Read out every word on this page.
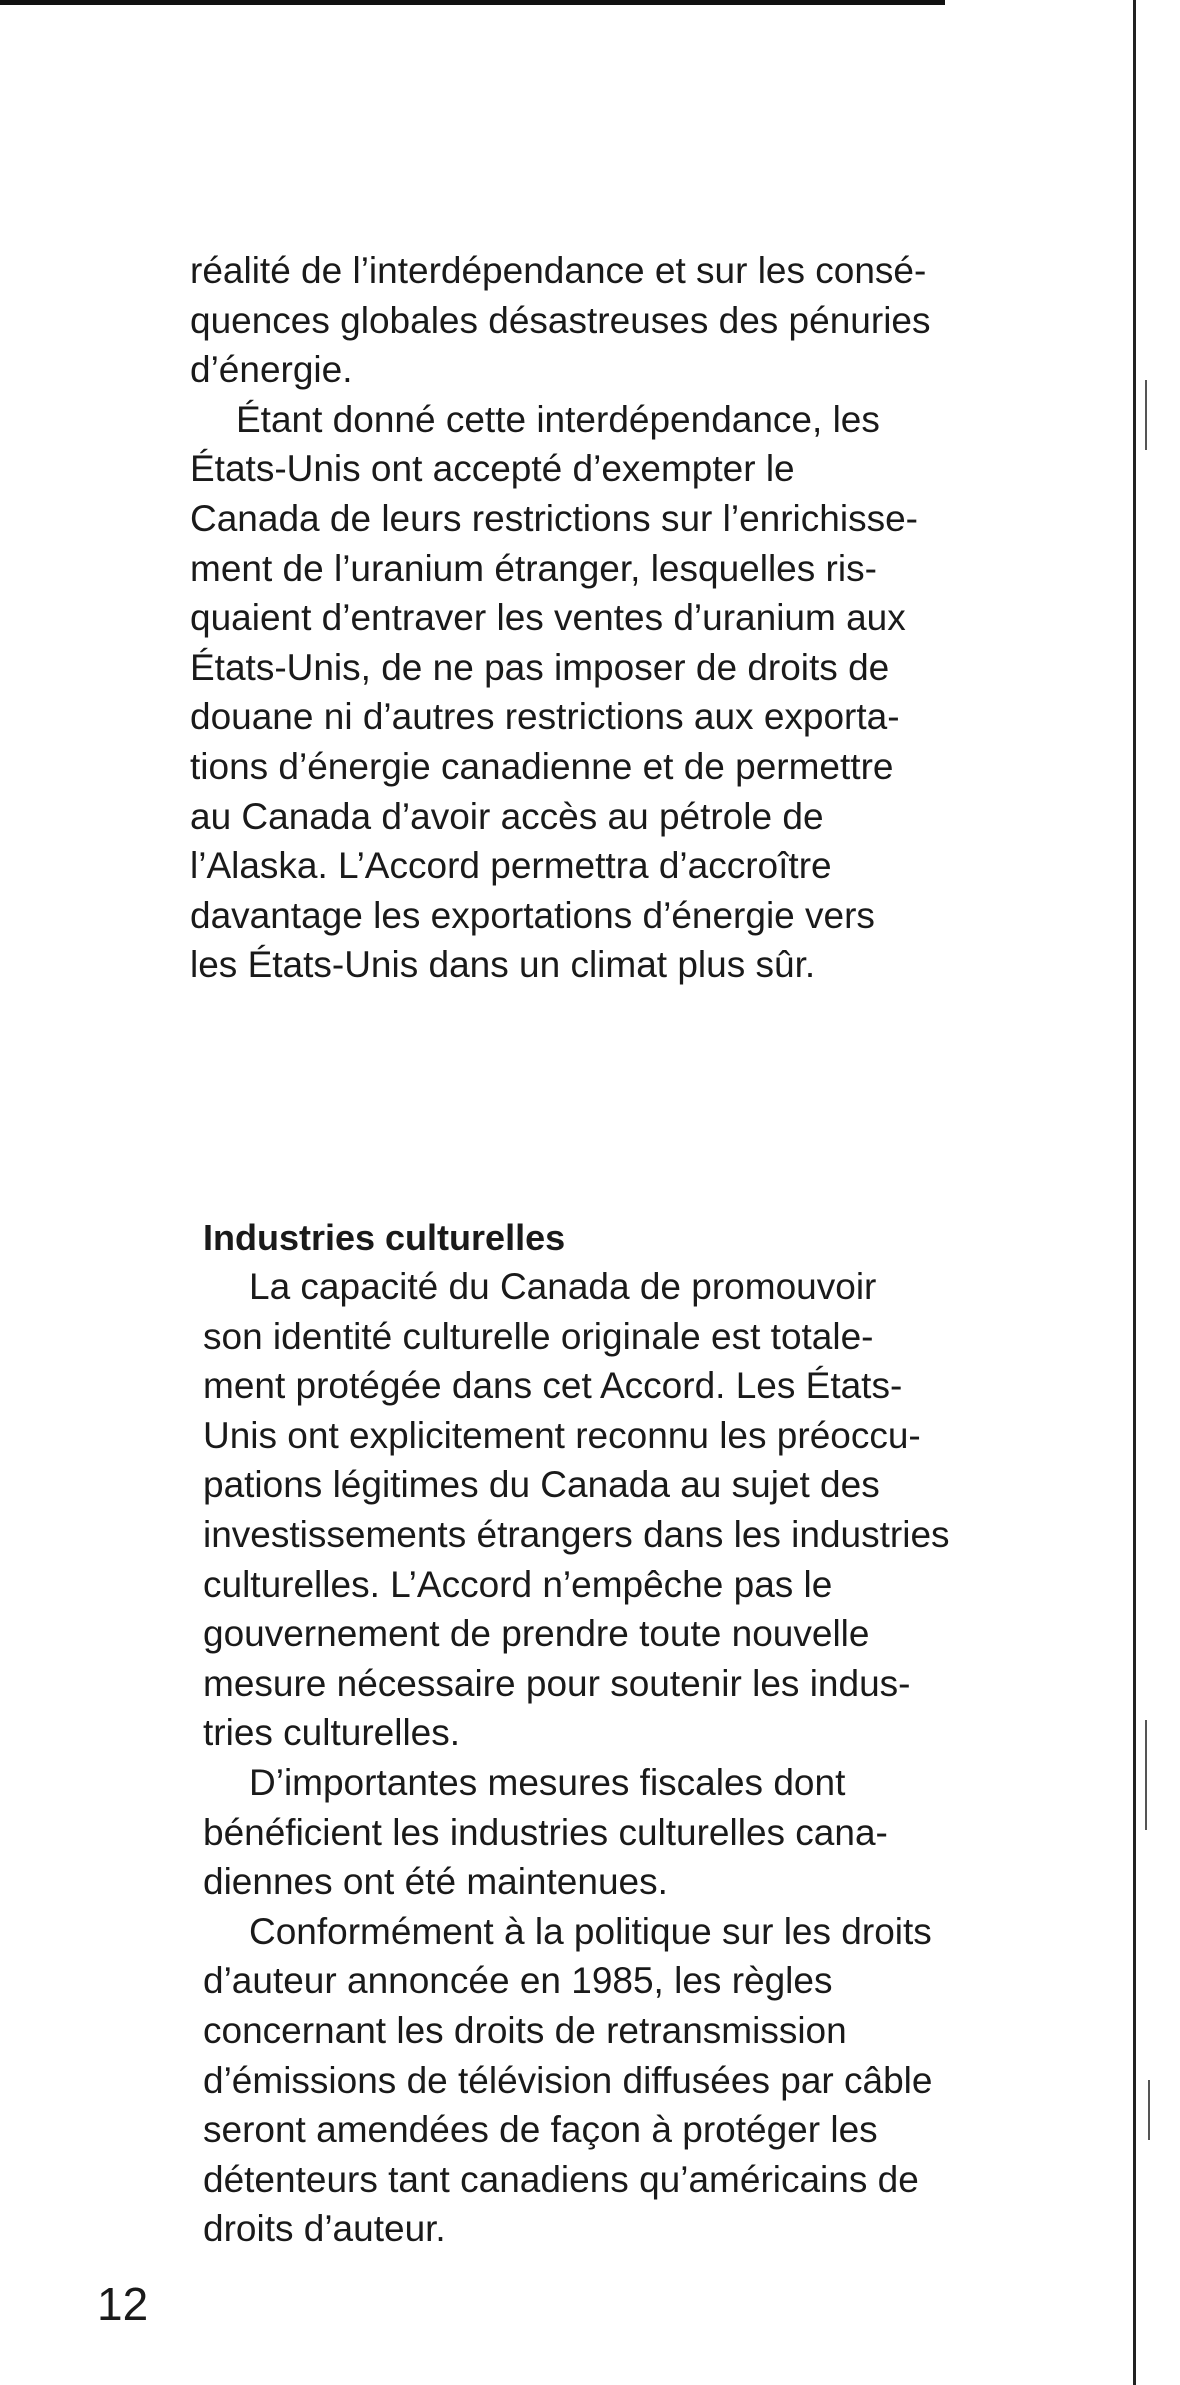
réalité de l’interdépendance et sur les consé-
quences globales désastreuses des pénuries
d’énergie.
Étant donné cette interdépendance, les
États-Unis ont accepté d’exempter le
Canada de leurs restrictions sur l’enrichisse-
ment de l’uranium étranger, lesquelles ris-
quaient d’entraver les ventes d’uranium aux
États-Unis, de ne pas imposer de droits de
douane ni d’autres restrictions aux exporta-
tions d’énergie canadienne et de permettre
au Canada d’avoir accès au pétrole de
l’Alaska. L’Accord permettra d’accroître
davantage les exportations d’énergie vers
les États-Unis dans un climat plus sûr.
Industries culturelles
La capacité du Canada de promouvoir
son identité culturelle originale est totale-
ment protégée dans cet Accord. Les États-
Unis ont explicitement reconnu les préoccu-
pations légitimes du Canada au sujet des
investissements étrangers dans les industries
culturelles. L’Accord n’empêche pas le
gouvernement de prendre toute nouvelle
mesure nécessaire pour soutenir les indus-
tries culturelles.
D’importantes mesures fiscales dont
bénéficient les industries culturelles cana-
diennes ont été maintenues.
Conformément à la politique sur les droits
d’auteur annoncée en 1985, les règles
concernant les droits de retransmission
d’émissions de télévision diffusées par câble
seront amendées de façon à protéger les
détenteurs tant canadiens qu’américains de
droits d’auteur.
12
